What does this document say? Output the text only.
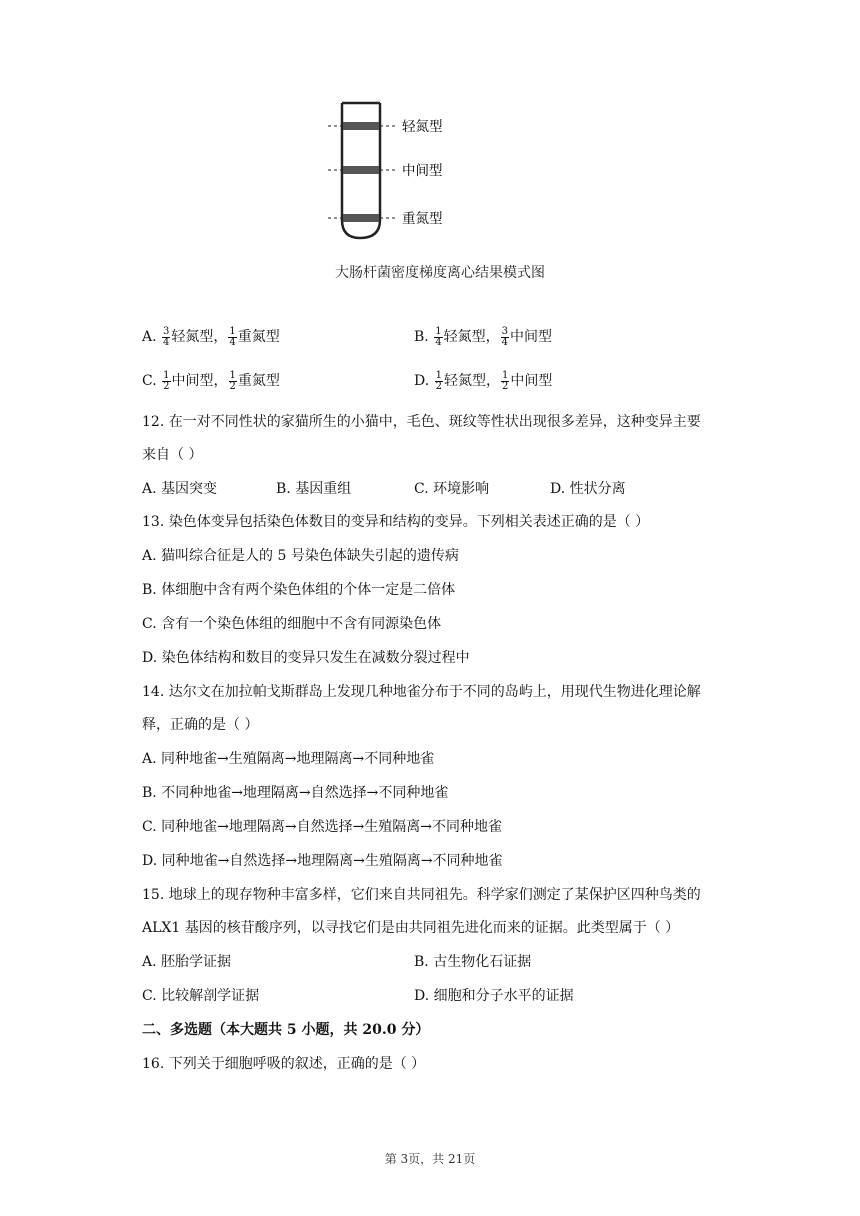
轻氮型
中间型
重氮型
大肠杆菌密度梯度离心结果模式图
A. $\frac{3}{4}$ 轻氮型， $\frac{1}{4}$ 重氮型	B. $\frac{1}{4}$ 轻氮型， $\frac{3}{4}$ 中间型
C. $\frac{1}{2}$ 中间型， $\frac{1}{2}$ 重氮型	D. $\frac{1}{2}$ 轻氮型， $\frac{1}{2}$ 中间型
12. 在一对不同性状的家猫所生的小猫中，毛色、斑纹等性状出现很多差异，这种变异主要
来自（ ）
A. 基因突变	B. 基因重组	C. 环境影响	D. 性状分离
13. 染色体变异包括染色体数目的变异和结构的变异。下列相关表述正确的是（ ）
A. 猫叫综合征是人的 5 号染色体缺失引起的遗传病
B. 体细胞中含有两个染色体组的个体一定是二倍体
C. 含有一个染色体组的细胞中不含有同源染色体
D. 染色体结构和数目的变异只发生在减数分裂过程中
14. 达尔文在加拉帕戈斯群岛上发现几种地雀分布于不同的岛屿上，用现代生物进化理论解
释，正确的是（ ）
A. 同种地雀→生殖隔离→地理隔离→不同种地雀
B. 不同种地雀→地理隔离→自然选择→不同种地雀
C. 同种地雀→地理隔离→自然选择→生殖隔离→不同种地雀
D. 同种地雀→自然选择→地理隔离→生殖隔离→不同种地雀
15. 地球上的现存物种丰富多样，它们来自共同祖先。科学家们测定了某保护区四种鸟类的
ALX1 基因的核苷酸序列，以寻找它们是由共同祖先进化而来的证据。此类型属于（ ）
A. 胚胎学证据	B. 古生物化石证据
C. 比较解剖学证据	D. 细胞和分子水平的证据
二、多选题（本大题共 5 小题，共 20.0 分）
16. 下列关于细胞呼吸的叙述，正确的是（ ）
第 3页，共 21页
